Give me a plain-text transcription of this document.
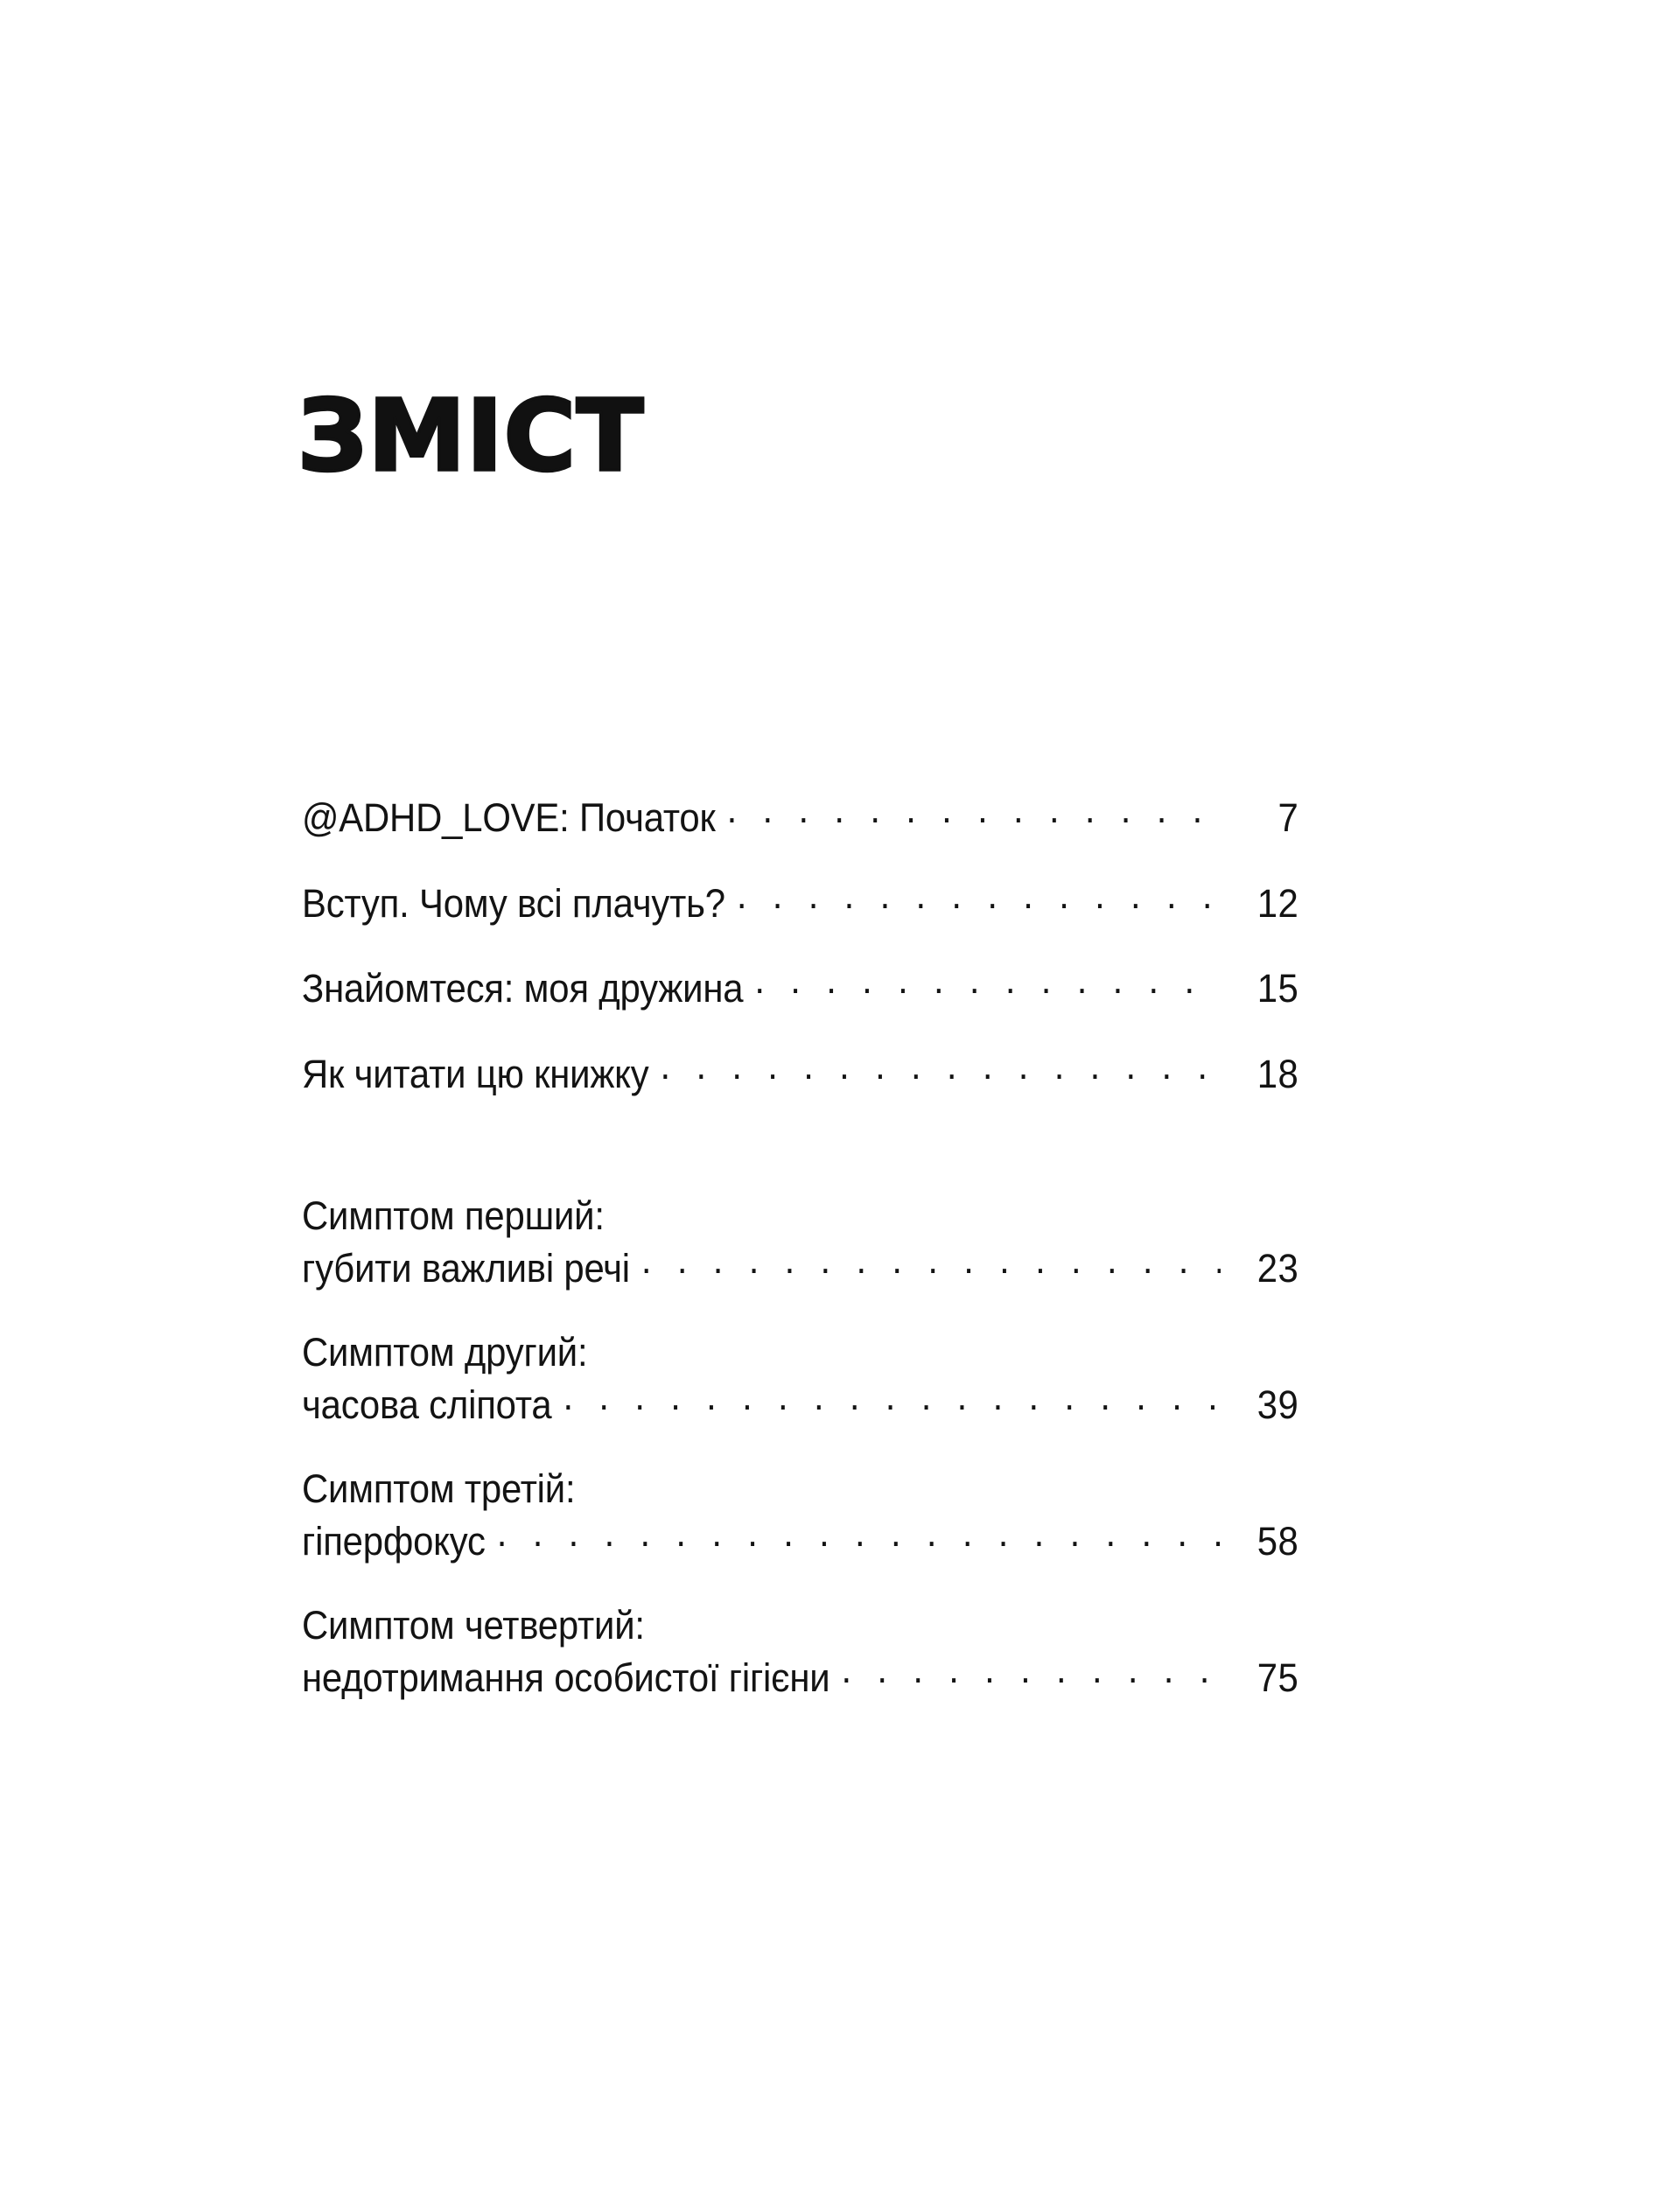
ЗМІСТ
@ADHD_LOVE: Початок . . .	7
Вступ. Чому всі плачуть? . . .	12
Знайомтеся: моя дружина . . .	15
Як читати цю книжку . . .	18
Симптом перший:
губити важливі речі . . .	23
Симптом другий:
часова сліпота . . .	39
Симптом третій:
гіперфокус . . .	58
Симптом четвертий:
недотримання особистої гігієни . . .	75
